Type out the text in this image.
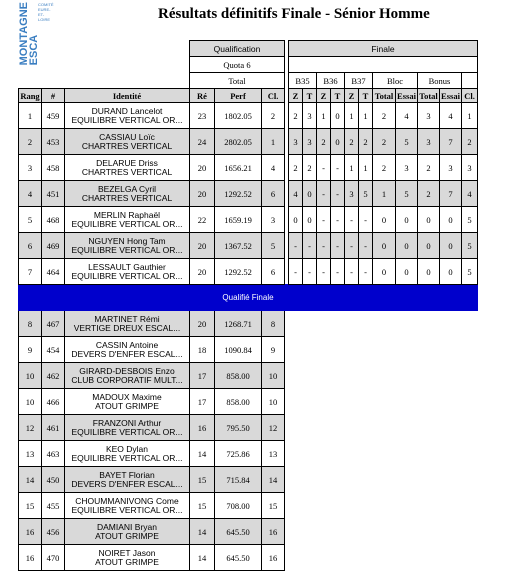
MONTAGNE ESCA
COMITÉ EURE-ET-LOIRE	Résultats définitifs Finale - Sénior Homme
			Qualification				Finale										
			Quota 6														
			Total				B35		B36		B37		Bloc		Bonus		
Rang	#	Identité	Ré	Perf	Cl.		Z	T	Z	T	Z	T	Total	Essai	Total	Essai	Cl.
1	459	DURAND Lancelot
EQUILIBRE VERTICAL OR...	23	1802.05	2		2	3	1	0	1	1	2	4	3	4	1
2	453	CASSIAU Loïc
CHARTRES VERTICAL	24	2802.05	1		3	3	2	0	2	2	2	5	3	7	2
3	458	DELARUE Driss
CHARTRES VERTICAL	20	1656.21	4		2	2	-	-	1	1	2	3	2	3	3
4	451	BEZELGA Cyril
CHARTRES VERTICAL	20	1292.52	6		4	0	-	-	3	5	1	5	2	7	4
5	468	MERLIN Raphaël
EQUILIBRE VERTICAL OR...	22	1659.19	3		0	0	-	-	-	-	0	0	0	0	5
6	469	NGUYEN Hong Tam
EQUILIBRE VERTICAL OR...	20	1367.52	5		-	-	-	-	-	-	0	0	0	0	5
7	464	LESSAULT Gauthier
EQUILIBRE VERTICAL OR...	20	1292.52	6		-	-	-	-	-	-	0	0	0	0	5
Qualifié Finale																	
8	467	MARTINET Rémi
VERTIGE DREUX ESCAL...	20	1268.71	8												
9	454	CASSIN Antoine
DEVERS D'ENFER ESCAL...	18	1090.84	9												
10	462	GIRARD-DESBOIS Enzo
CLUB CORPORATIF MULT...	17	858.00	10												
10	466	MADOUX Maxime
ATOUT GRIMPE	17	858.00	10												
12	461	FRANZONI Arthur
EQUILIBRE VERTICAL OR...	16	795.50	12												
13	463	KEO Dylan
EQUILIBRE VERTICAL OR...	14	725.86	13												
14	450	BAYET Florian
DEVERS D'ENFER ESCAL...	15	715.84	14												
15	455	CHOUMMANIVONG Come
EQUILIBRE VERTICAL OR...	15	708.00	15												
16	456	DAMIANI Bryan
ATOUT GRIMPE	14	645.50	16												
16	470	NOIRET Jason
ATOUT GRIMPE	14	645.50	16												
